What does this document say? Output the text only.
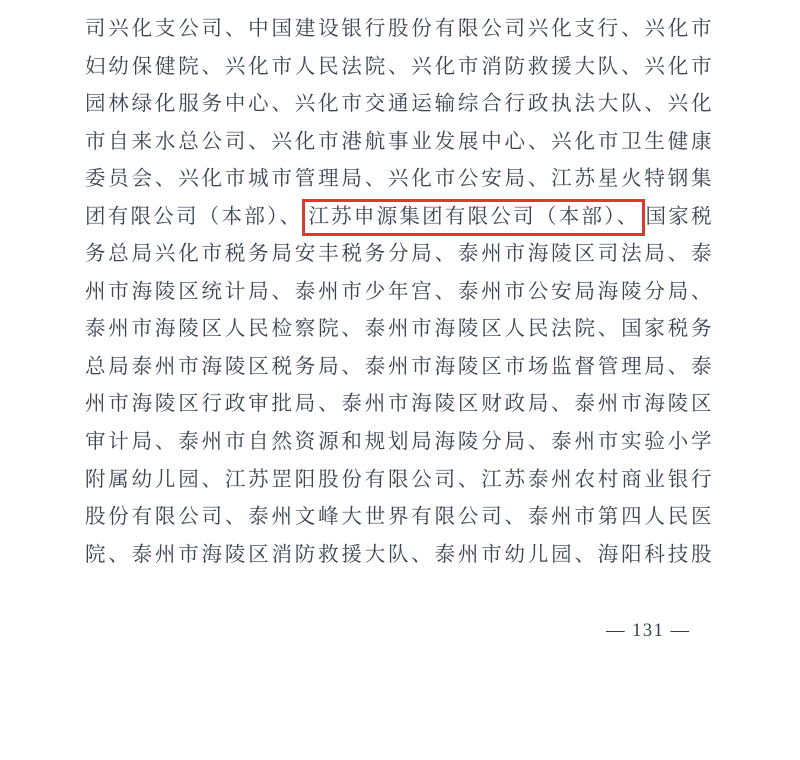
司兴化支公司、中国建设银行股份有限公司兴化支行、兴化市
妇幼保健院、兴化市人民法院、兴化市消防救援大队、兴化市
园林绿化服务中心、兴化市交通运输综合行政执法大队、兴化
市自来水总公司、兴化市港航事业发展中心、兴化市卫生健康
委员会、兴化市城市管理局、兴化市公安局、江苏星火特钢集
团有限公司（本部）、 江苏申源集团有限公司（本部）、 国家税
务总局兴化市税务局安丰税务分局、泰州市海陵区司法局、泰
州市海陵区统计局、泰州市少年宫、泰州市公安局海陵分局、
泰州市海陵区人民检察院、泰州市海陵区人民法院、国家税务
总局泰州市海陵区税务局、泰州市海陵区市场监督管理局、泰
州市海陵区行政审批局、泰州市海陵区财政局、泰州市海陵区
审计局、泰州市自然资源和规划局海陵分局、泰州市实验小学
附属幼儿园、江苏罡阳股份有限公司、江苏泰州农村商业银行
股份有限公司、泰州文峰大世界有限公司、泰州市第四人民医
院、泰州市海陵区消防救援大队、泰州市幼儿园、海阳科技股
— 131 —
